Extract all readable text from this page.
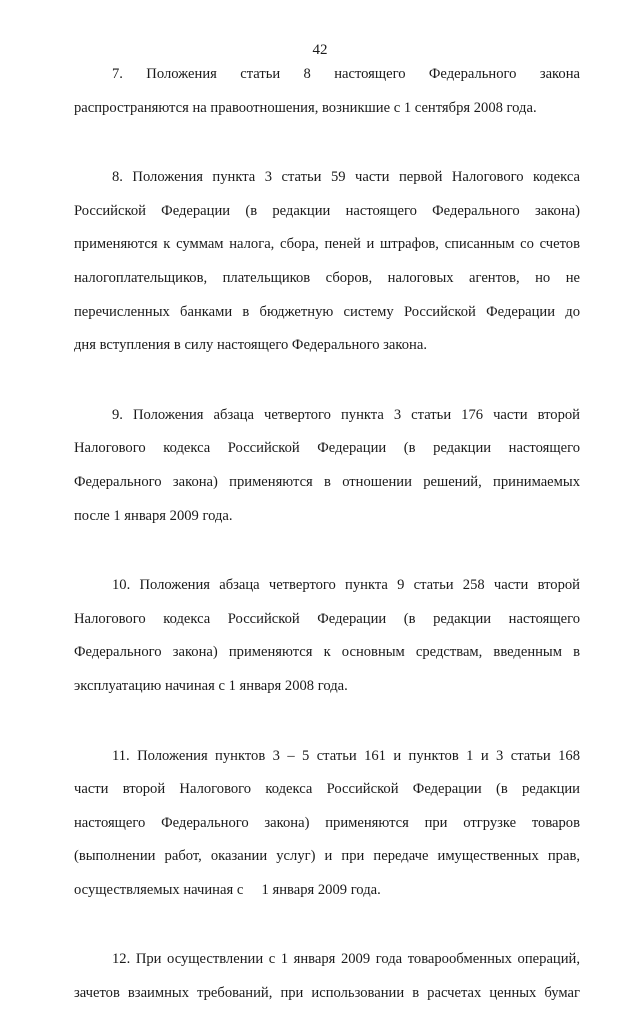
42
7. Положения статьи 8 настоящего Федерального закона
распространяются на правоотношения, возникшие с 1 сентября 2008 года.
8. Положения пункта 3 статьи 59 части первой Налогового кодекса
Российской Федерации (в редакции настоящего Федерального закона)
применяются к суммам налога, сбора, пеней и штрафов, списанным со счетов
налогоплательщиков, плательщиков сборов, налоговых агентов, но не
перечисленных банками в бюджетную систему Российской Федерации до
дня вступления в силу настоящего Федерального закона.
9. Положения абзаца четвертого пункта 3 статьи 176 части второй
Налогового кодекса Российской Федерации (в редакции настоящего
Федерального закона) применяются в отношении решений, принимаемых
после 1 января 2009 года.
10. Положения абзаца четвертого пункта 9 статьи 258 части второй
Налогового кодекса Российской Федерации (в редакции настоящего
Федерального закона) применяются к основным средствам, введенным в
эксплуатацию начиная с 1 января 2008 года.
11. Положения пунктов 3 – 5 статьи 161 и пунктов 1 и 3 статьи 168
части второй Налогового кодекса Российской Федерации (в редакции
настоящего Федерального закона) применяются при отгрузке товаров
(выполнении работ, оказании услуг) и при передаче имущественных прав,
осуществляемых начиная с     1 января 2009 года.
12. При осуществлении с 1 января 2009 года товарообменных операций,
зачетов взаимных требований, при использовании в расчетах ценных бумаг
